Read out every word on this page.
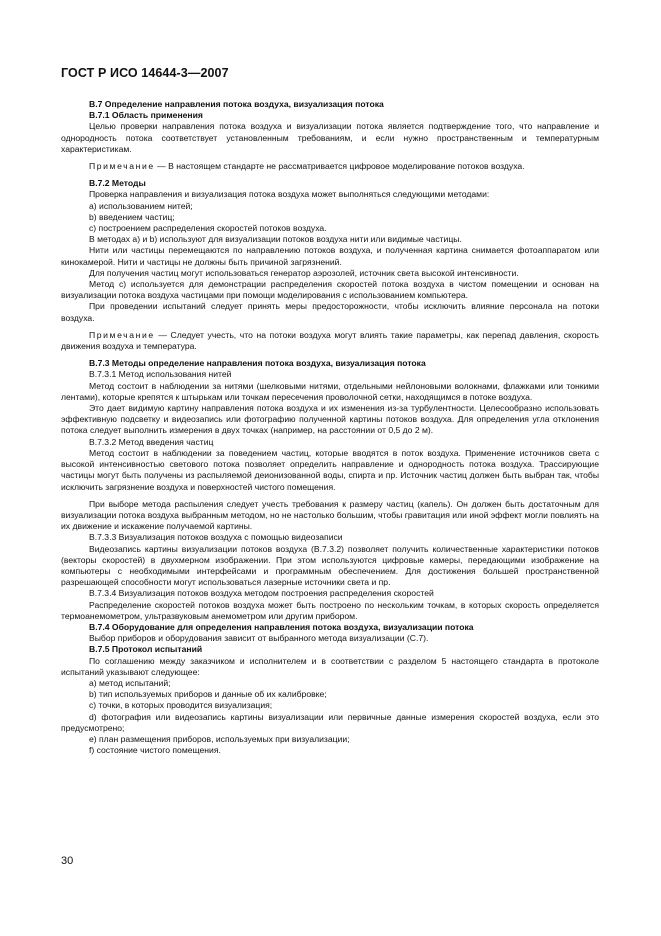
ГОСТ Р ИСО 14644-3—2007

B.7 Определение направления потока воздуха, визуализация потока

B.7.1 Область применения

Целью проверки направления потока воздуха и визуализации потока является подтверждение того, что направление и однородность потока соответствует установленным требованиям, и если нужно пространственным и температурным характеристикам.

Примечание — В настоящем стандарте не рассматривается цифровое моделирование потоков воздуха.

B.7.2 Методы

Проверка направления и визуализация потока воздуха может выполняться следующими методами:

a) использованием нитей;

b) введением частиц;

c) построением распределения скоростей потоков воздуха.

В методах а) и b) используют для визуализации потоков воздуха нити или видимые частицы.

Нити или частицы перемещаются по направлению потоков воздуха, и полученная картина снимается фотоаппаратом или кинокамерой. Нити и частицы не должны быть причиной загрязнений.

Для получения частиц могут использоваться генератор аэрозолей, источник света высокой интенсивности.

Метод c) используется для демонстрации распределения скоростей потока воздуха в чистом помещении и основан на визуализации потока воздуха частицами при помощи моделирования с использованием компьютера.

При проведении испытаний следует принять меры предосторожности, чтобы исключить влияние персонала на потоки воздуха.

Примечание — Следует учесть, что на потоки воздуха могут влиять такие параметры, как перепад давления, скорость движения воздуха и температура.

B.7.3 Методы определение направления потока воздуха, визуализация потока

B.7.3.1 Метод использования нитей

Метод состоит в наблюдении за нитями (шелковыми нитями, отдельными нейлоновыми волокнами, флажками или тонкими лентами), которые крепятся к штырькам или точкам пересечения проволочной сетки, находящимся в потоке воздуха.

Это дает видимую картину направления потока воздуха и их изменения из-за турбулентности. Целесообразно использовать эффективную подсветку и видеозапись или фотографию полученной картины потоков воздуха. Для определения угла отклонения потока следует выполнить измерения в двух точках (например, на расстоянии от 0,5 до 2 м).

B.7.3.2 Метод введения частиц

Метод состоит в наблюдении за поведением частиц, которые вводятся в поток воздуха. Применение источников света с высокой интенсивностью светового потока позволяет определить направление и однородность потока воздуха. Трассирующие частицы могут быть получены из распыляемой деионизованной воды, спирта и пр. Источник частиц должен быть выбран так, чтобы исключить загрязнение воздуха и поверхностей чистого помещения.

При выборе метода распыления следует учесть требования к размеру частиц (капель). Он должен быть достаточным для визуализации потока воздуха выбранным методом, но не настолько большим, чтобы гравитация или иной эффект могли повлиять на их движение и искажение получаемой картины.

B.7.3.3 Визуализация потоков воздуха с помощью видеозаписи

Видеозапись картины визуализации потоков воздуха (B.7.3.2) позволяет получить количественные характеристики потоков (векторы скоростей) в двухмерном изображении. При этом используются цифровые камеры, передающими изображение на компьютеры с необходимыми интерфейсами и программным обеспечением. Для достижения большей пространственной разрешающей способности могут использоваться лазерные источники света и пр.

B.7.3.4 Визуализация потоков воздуха методом построения распределения скоростей

Распределение скоростей потоков воздуха может быть построено по нескольким точкам, в которых скорость определяется термоанемометром, ультразвуковым анемометром или другим прибором.

B.7.4 Оборудование для определения направления потока воздуха, визуализации потока

Выбор приборов и оборудования зависит от выбранного метода визуализации (C.7).

B.7.5 Протокол испытаний

По соглашению между заказчиком и исполнителем и в соответствии с разделом 5 настоящего стандарта в протоколе испытаний указывают следующее:

a) метод испытаний;

b) тип используемых приборов и данные об их калибровке;

c) точки, в которых проводится визуализация;

d) фотография или видеозапись картины визуализации или первичные данные измерения скоростей воздуха, если это предусмотрено;

e) план размещения приборов, используемых при визуализации;

f) состояние чистого помещения.

30
